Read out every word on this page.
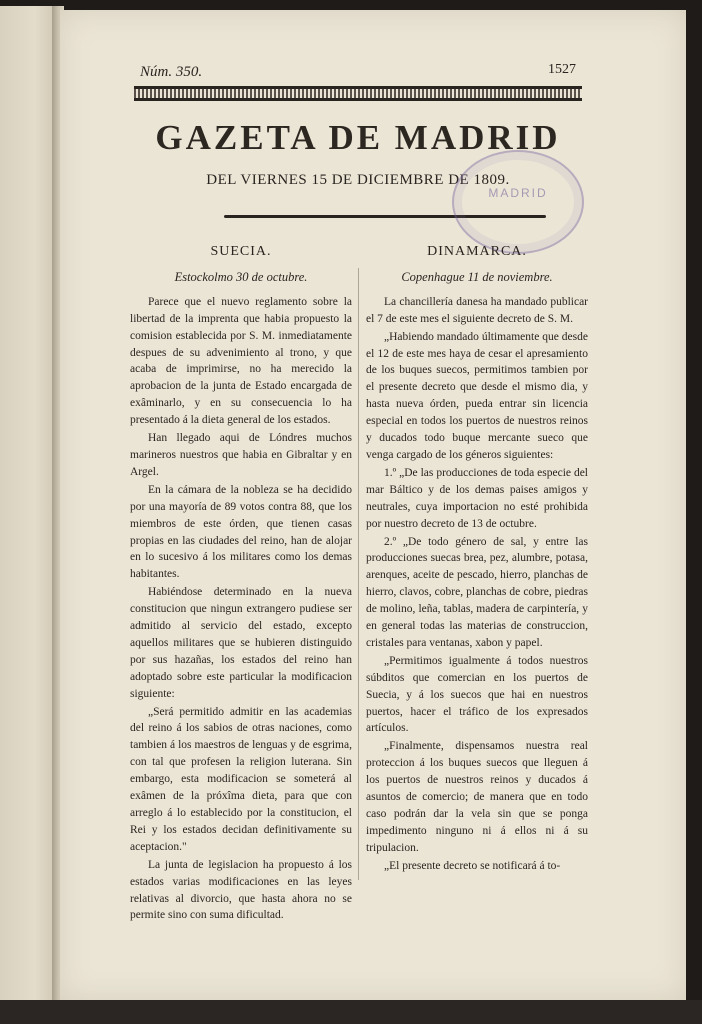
Núm. 350.	1527
GAZETA DE MADRID
DEL VIERNES 15 DE DICIEMBRE DE 1809.
MADRID
SUECIA.
Estockolmo 30 de octubre.

Parece que el nuevo reglamento sobre la libertad de la imprenta que habia propuesto la comision establecida por S. M. inmediatamente despues de su advenimiento al trono, y que acaba de imprimirse, no ha merecido la aprobacion de la junta de Estado encargada de exâminarlo, y en su consecuencia lo ha presentado á la dieta general de los estados.

Han llegado aqui de Lóndres muchos marineros nuestros que habia en Gibraltar y en Argel.

En la cámara de la nobleza se ha decidido por una mayoría de 89 votos contra 88, que los miembros de este órden, que tienen casas propias en las ciudades del reino, han de alojar en lo sucesivo á los militares como los demas habitantes.

Habiéndose determinado en la nueva constitucion que ningun extrangero pudiese ser admitido al servicio del estado, excepto aquellos militares que se hubieren distinguido por sus hazañas, los estados del reino han adoptado sobre este particular la modificacion siguiente:

„Será permitido admitir en las academias del reino á los sabios de otras naciones, como tambien á los maestros de lenguas y de esgrima, con tal que profesen la religion luterana. Sin embargo, esta modificacion se someterá al exâmen de la próxîma dieta, para que con arreglo á lo establecido por la constitucion, el Rei y los estados decidan definitivamente su aceptacion."

La junta de legislacion ha propuesto á los estados varias modificaciones en las leyes relativas al divorcio, que hasta ahora no se permite sino con suma dificultad.

DINAMARCA.
Copenhague 11 de noviembre.

La chancillería danesa ha mandado publicar el 7 de este mes el siguiente decreto de S. M.

„Habiendo mandado últimamente que desde el 12 de este mes haya de cesar el apresamiento de los buques suecos, permitimos tambien por el presente decreto que desde el mismo dia, y hasta nueva órden, pueda entrar sin licencia especial en todos los puertos de nuestros reinos y ducados todo buque mercante sueco que venga cargado de los géneros siguientes:

1.º „De las producciones de toda especie del mar Báltico y de los demas paises amigos y neutrales, cuya importacion no esté prohibida por nuestro decreto de 13 de octubre.

2.º „De todo género de sal, y entre las producciones suecas brea, pez, alumbre, potasa, arenques, aceite de pescado, hierro, planchas de hierro, clavos, cobre, planchas de cobre, piedras de molino, leña, tablas, madera de carpintería, y en general todas las materias de construccion, cristales para ventanas, xabon y papel.

„Permitimos igualmente á todos nuestros súbditos que comercian en los puertos de Suecia, y á los suecos que hai en nuestros puertos, hacer el tráfico de los expresados artículos.

„Finalmente, dispensamos nuestra real proteccion á los buques suecos que lleguen á los puertos de nuestros reinos y ducados á asuntos de comercio; de manera que en todo caso podrán dar la vela sin que se ponga impedimento ninguno ni á ellos ni á su tripulacion.

„El presente decreto se notificará á to-
